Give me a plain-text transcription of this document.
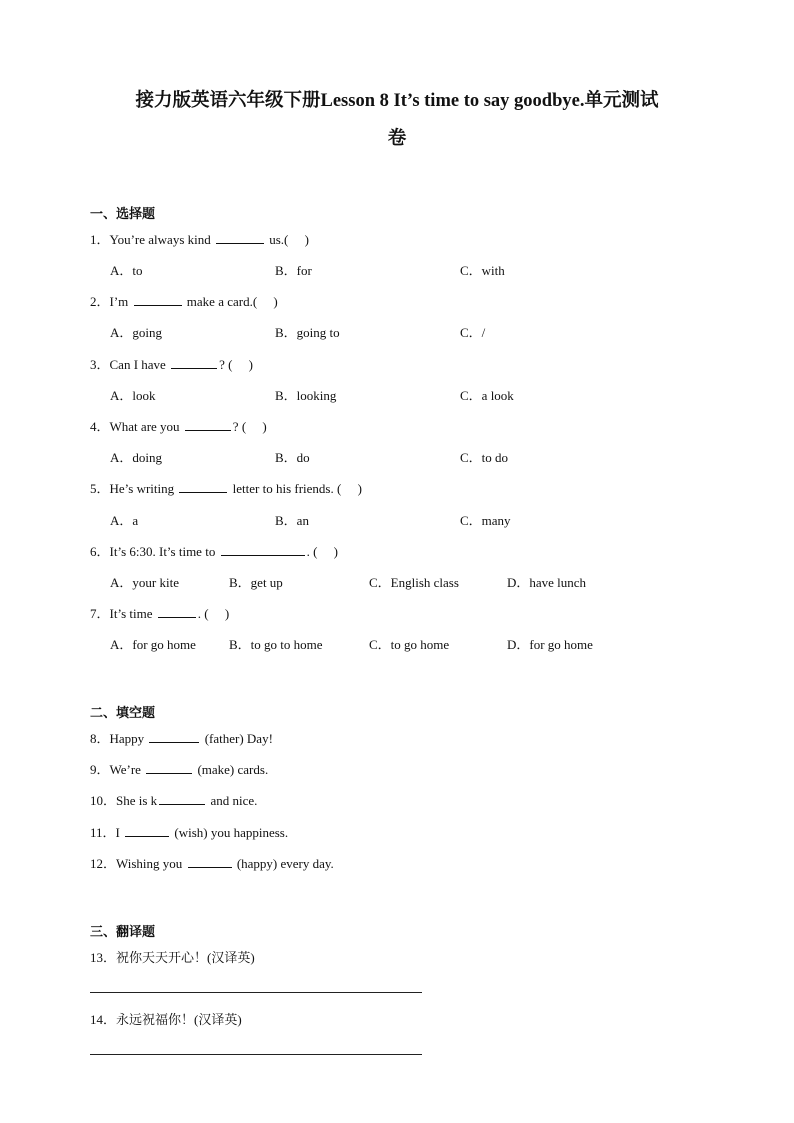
接力版英语六年级下册Lesson 8 It’s time to say goodbye.单元测试
卷
一、选择题
1．You’re always kind	us.(　 )
A．to	B．for	C．with
2．I’m	make a card.(　 )
A．going	B．going to	C．/
3．Can I have	? (　 )
A．look	B．looking	C．a look
4．What are you	? (　 )
A．doing	B．do	C．to do
5．He’s writing	letter to his friends. (　 )
A．a	B．an	C．many
6．It’s 6:30. It’s time to	. (　 )
A．your kite	B．get up	C．English class	D．have lunch
7．It’s time	. (　 )
A．for go home	B．to go to home	C．to go home	D．for go home
二、填空题
8．Happy	(father) Day!
9．We’re	(make) cards.
10．She is k	and nice.
11．I	(wish) you happiness.
12．Wishing you	(happy) every day.
三、翻译题
13．祝你天天开心！(汉译英)
14．永远祝福你！(汉译英)
